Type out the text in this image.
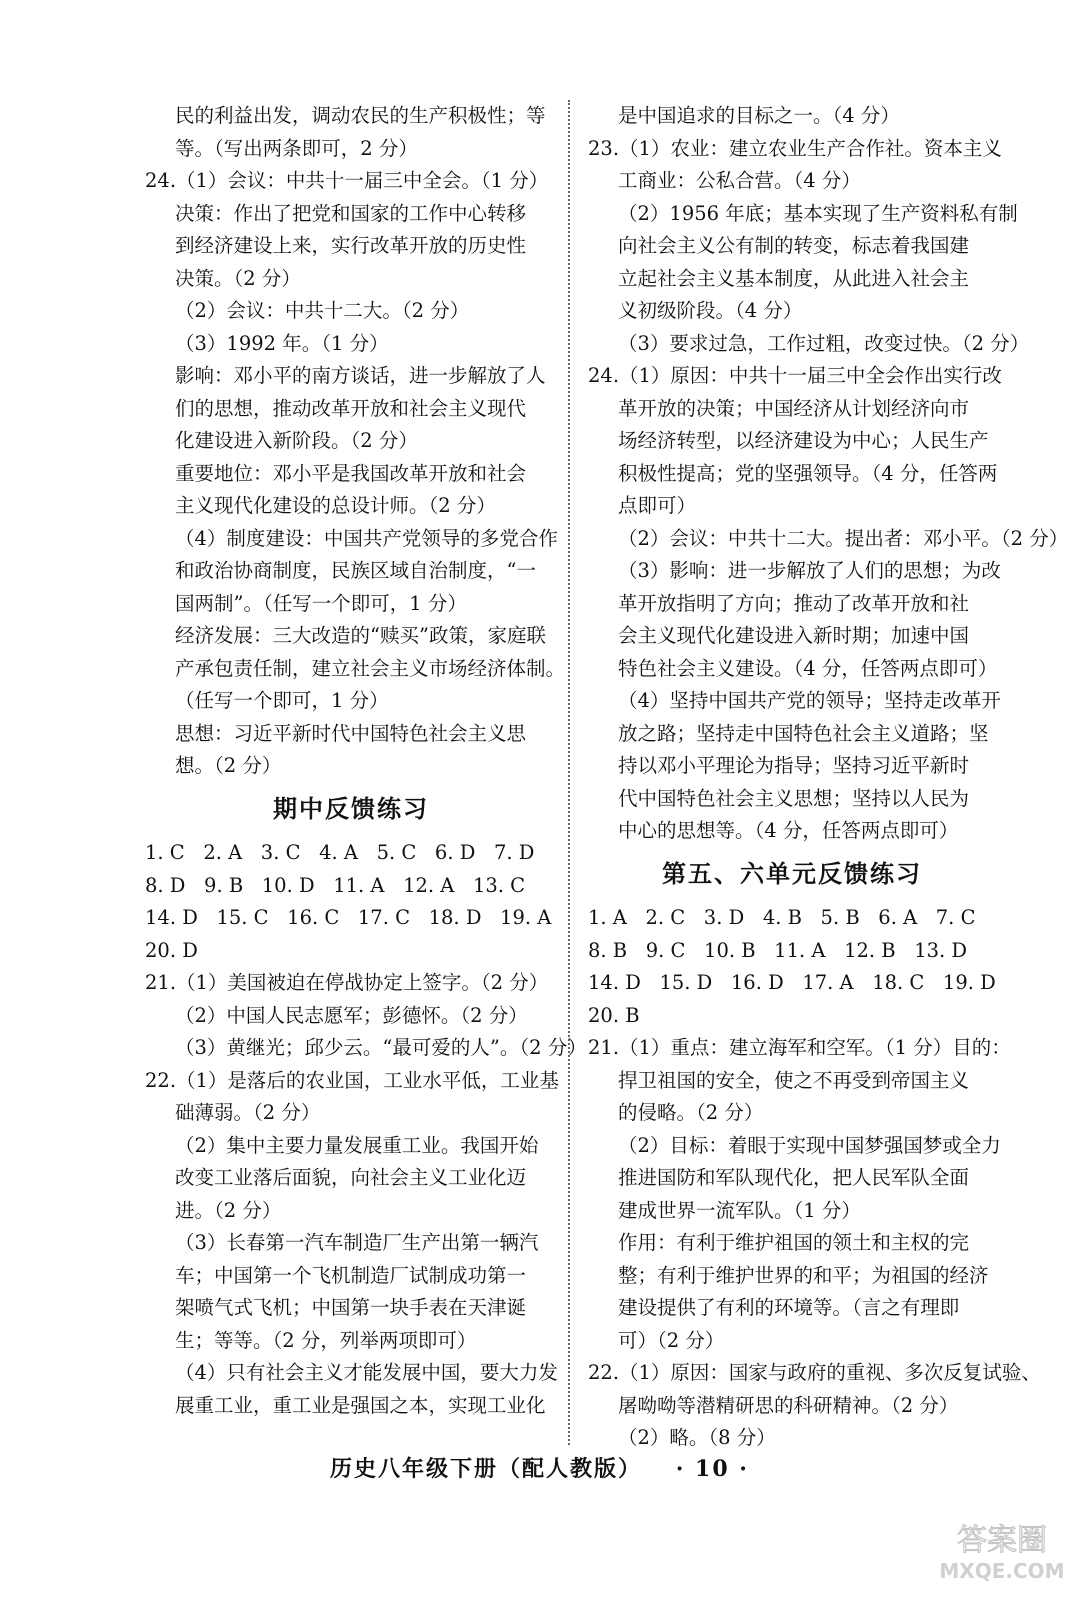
民的利益出发，调动农民的生产积极性；等
等。（写出两条即可，2 分）
24.（1）会议：中共十一届三中全会。（1 分）
决策：作出了把党和国家的工作中心转移
到经济建设上来，实行改革开放的历史性
决策。（2 分）
（2）会议：中共十二大。（2 分）
（3）1992 年。（1 分）
影响：邓小平的南方谈话，进一步解放了人
们的思想，推动改革开放和社会主义现代
化建设进入新阶段。（2 分）
重要地位：邓小平是我国改革开放和社会
主义现代化建设的总设计师。（2 分）
（4）制度建设：中国共产党领导的多党合作
和政治协商制度，民族区域自治制度，“一
国两制”。（任写一个即可，1 分）
经济发展：三大改造的“赎买”政策，家庭联
产承包责任制，建立社会主义市场经济体制。
（任写一个即可，1 分）
思想：习近平新时代中国特色社会主义思
想。（2 分）
期中反馈练习
1. C   2. A   3. C   4. A   5. C   6. D   7. D
8. D   9. B   10. D   11. A   12. A   13. C
14. D   15. C   16. C   17. C   18. D   19. A
20. D
21.（1）美国被迫在停战协定上签字。（2 分）
（2）中国人民志愿军；彭德怀。（2 分）
（3）黄继光；邱少云。“最可爱的人”。（2 分）
22.（1）是落后的农业国，工业水平低，工业基
础薄弱。（2 分）
（2）集中主要力量发展重工业。我国开始
改变工业落后面貌，向社会主义工业化迈
进。（2 分）
（3）长春第一汽车制造厂生产出第一辆汽
车；中国第一个飞机制造厂试制成功第一
架喷气式飞机；中国第一块手表在天津诞
生；等等。（2 分，列举两项即可）
（4）只有社会主义才能发展中国，要大力发
展重工业，重工业是强国之本，实现工业化
是中国追求的目标之一。（4 分）
23.（1）农业：建立农业生产合作社。资本主义
工商业：公私合营。（4 分）
（2）1956 年底；基本实现了生产资料私有制
向社会主义公有制的转变，标志着我国建
立起社会主义基本制度，从此进入社会主
义初级阶段。（4 分）
（3）要求过急，工作过粗，改变过快。（2 分）
24.（1）原因：中共十一届三中全会作出实行改
革开放的决策；中国经济从计划经济向市
场经济转型，以经济建设为中心；人民生产
积极性提高；党的坚强领导。（4 分，任答两
点即可）
（2）会议：中共十二大。提出者：邓小平。（2 分）
（3）影响：进一步解放了人们的思想；为改
革开放指明了方向；推动了改革开放和社
会主义现代化建设进入新时期；加速中国
特色社会主义建设。（4 分，任答两点即可）
（4）坚持中国共产党的领导；坚持走改革开
放之路；坚持走中国特色社会主义道路；坚
持以邓小平理论为指导；坚持习近平新时
代中国特色社会主义思想；坚持以人民为
中心的思想等。（4 分，任答两点即可）
第五、六单元反馈练习
1. A   2. C   3. D   4. B   5. B   6. A   7. C
8. B   9. C   10. B   11. A   12. B   13. D
14. D   15. D   16. D   17. A   18. C   19. D
20. B
21.（1）重点：建立海军和空军。（1 分）目的：
捍卫祖国的安全，使之不再受到帝国主义
的侵略。（2 分）
（2）目标：着眼于实现中国梦强国梦或全力
推进国防和军队现代化，把人民军队全面
建成世界一流军队。（1 分）
作用：有利于维护祖国的领土和主权的完
整；有利于维护世界的和平；为祖国的经济
建设提供了有利的环境等。（言之有理即
可）（2 分）
22.（1）原因：国家与政府的重视、多次反复试验、
屠呦呦等潜精研思的科研精神。（2 分）
（2）略。（8 分）
历史八年级下册（配人教版） · 10 ·
答案圈
MXQE.COM
